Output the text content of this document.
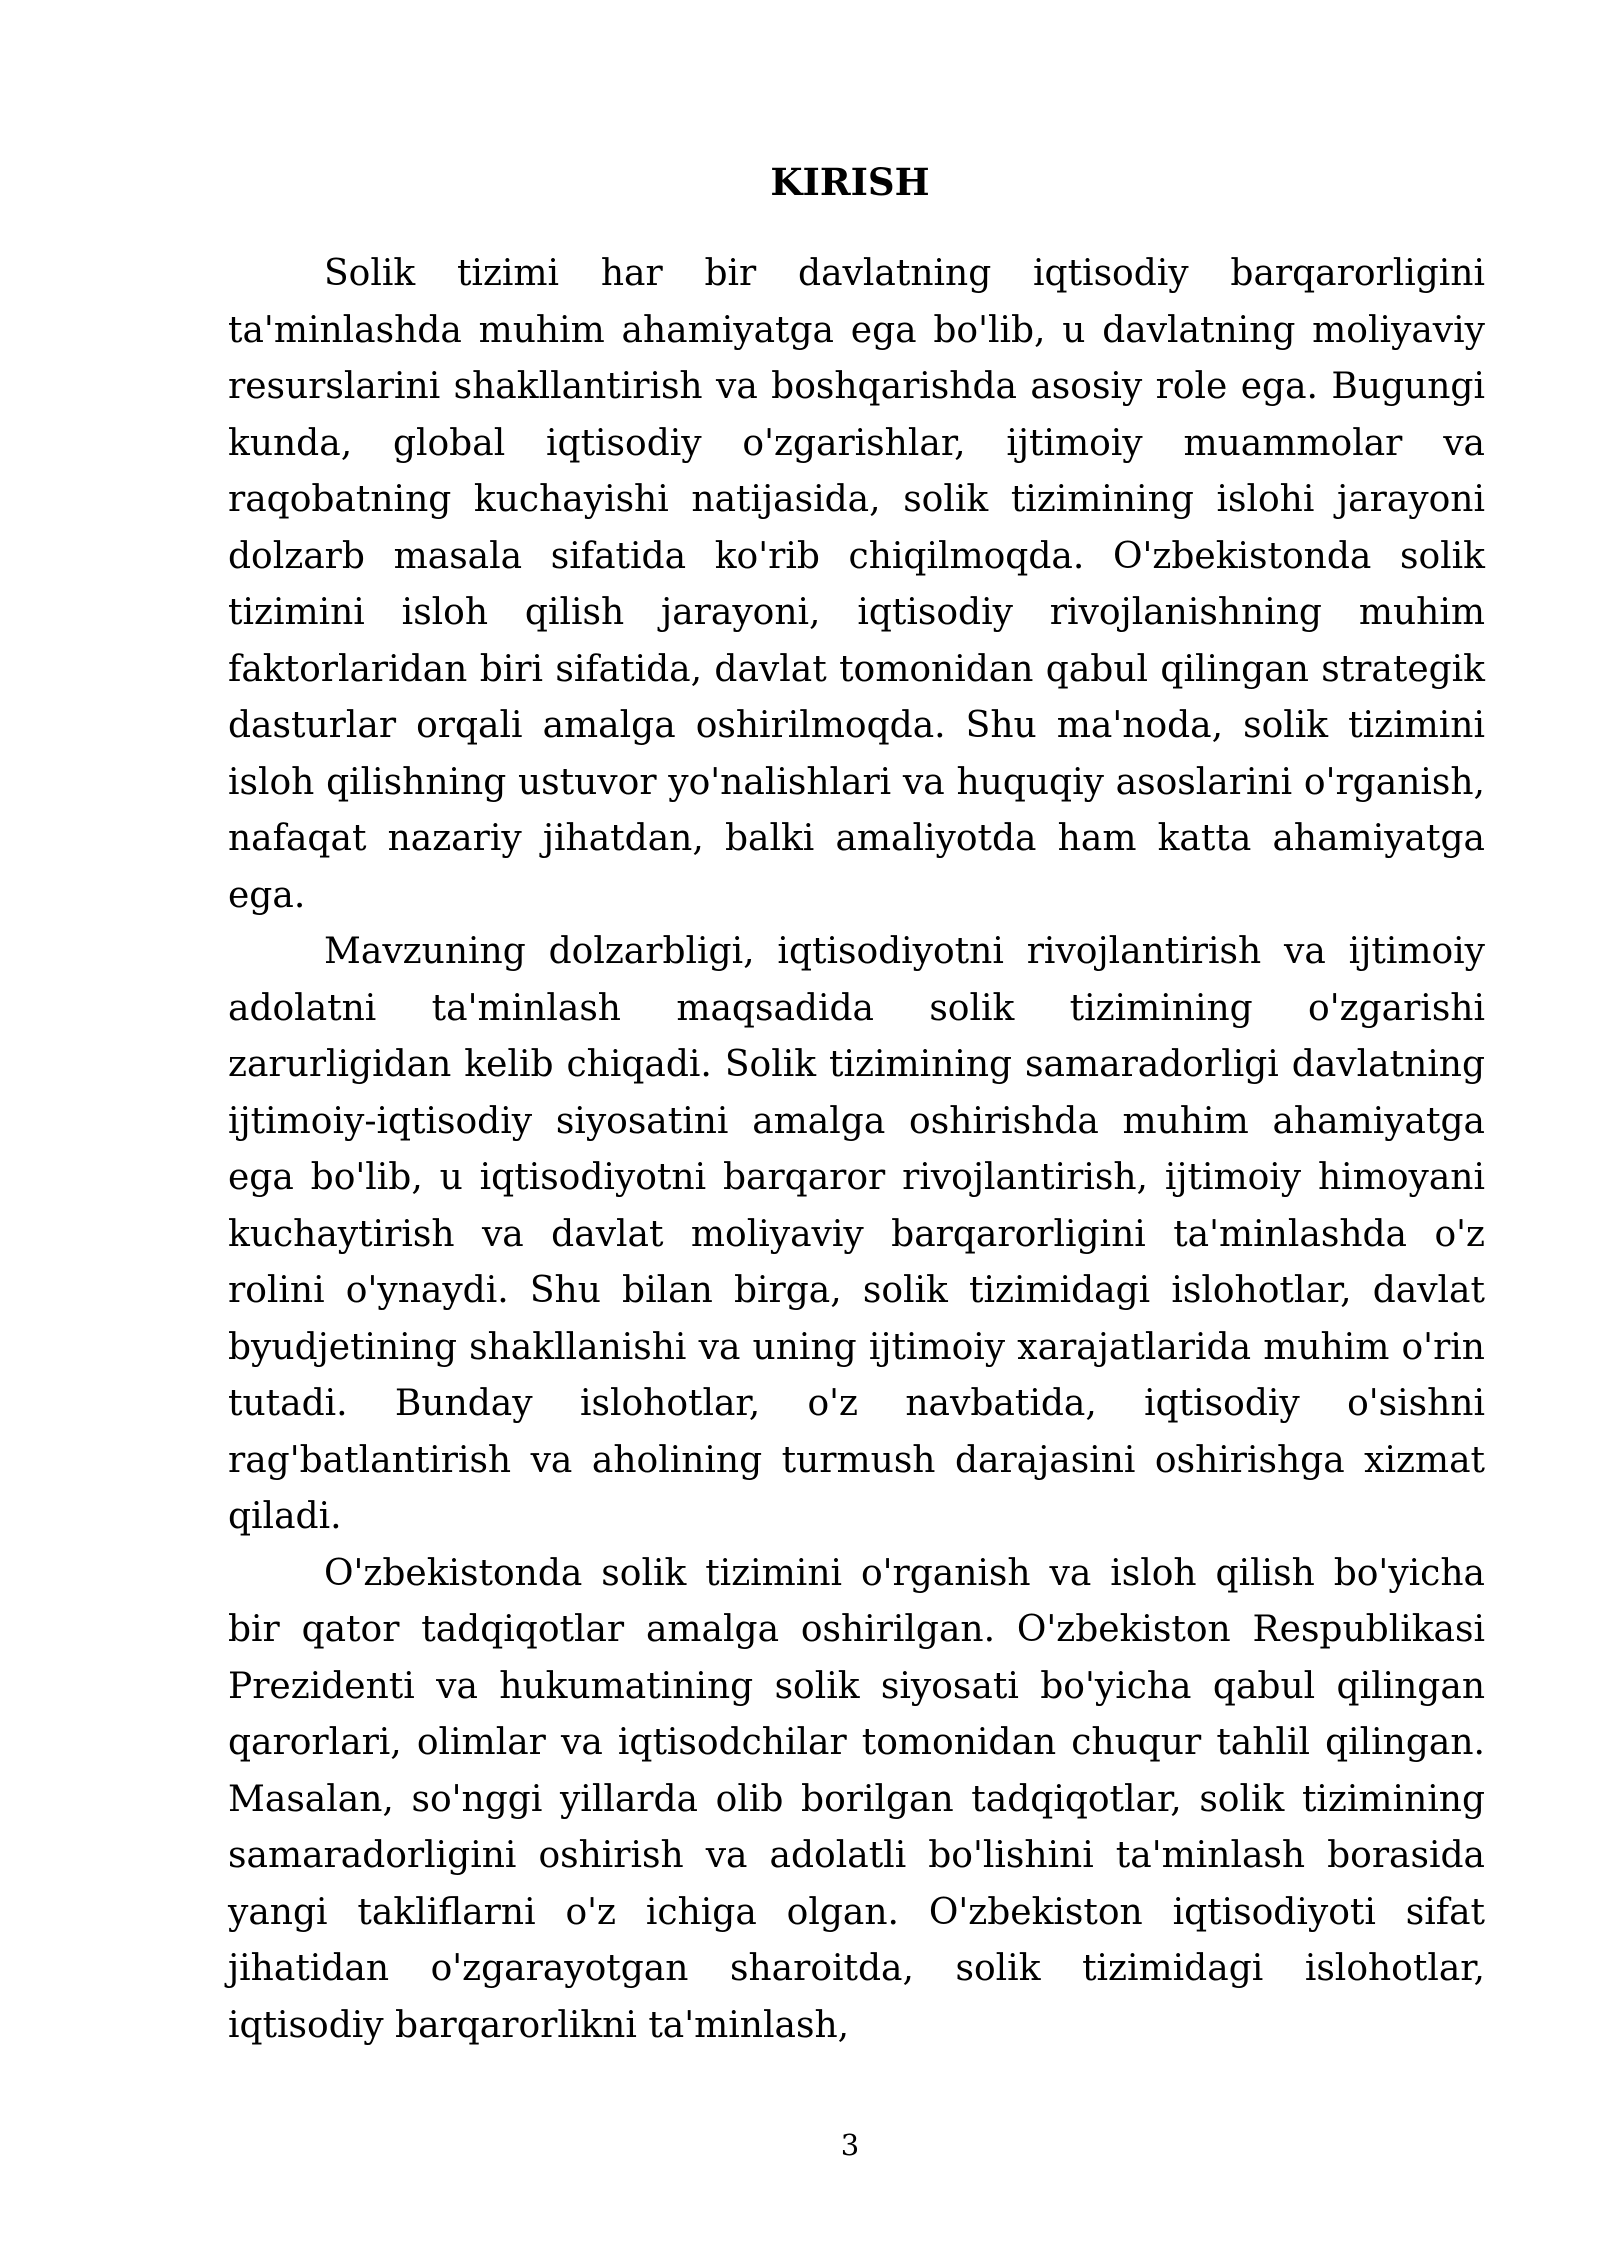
KIRISH

Solik tizimi har bir davlatning iqtisodiy barqarorligini ta'minlashda muhim ahamiyatga ega bo'lib, u davlatning moliyaviy resurslarini shakllantirish va boshqarishda asosiy role ega. Bugungi kunda, global iqtisodiy o'zgarishlar, ijtimoiy muammolar va raqobatning kuchayishi natijasida, solik tizimining islohi jarayoni dolzarb masala sifatida ko'rib chiqilmoqda. O'zbekistonda solik tizimini isloh qilish jarayoni, iqtisodiy rivojlanishning muhim faktorlaridan biri sifatida, davlat tomonidan qabul qilingan strategik dasturlar orqali amalga oshirilmoqda. Shu ma'noda, solik tizimini isloh qilishning ustuvor yo'nalishlari va huquqiy asoslarini o'rganish, nafaqat nazariy jihatdan, balki amaliyotda ham katta ahamiyatga ega.

Mavzuning dolzarbligi, iqtisodiyotni rivojlantirish va ijtimoiy adolatni ta'minlash maqsadida solik tizimining o'zgarishi zarurligidan kelib chiqadi. Solik tizimining samaradorligi davlatning ijtimoiy-iqtisodiy siyosatini amalga oshirishda muhim ahamiyatga ega bo'lib, u iqtisodiyotni barqaror rivojlantirish, ijtimoiy himoyani kuchaytirish va davlat moliyaviy barqarorligini ta'minlashda o'z rolini o'ynaydi. Shu bilan birga, solik tizimidagi islohotlar, davlat byudjetining shakllanishi va uning ijtimoiy xarajatlarida muhim o'rin tutadi. Bunday islohotlar, o'z navbatida, iqtisodiy o'sishni rag'batlantirish va aholining turmush darajasini oshirishga xizmat qiladi.

O'zbekistonda solik tizimini o'rganish va isloh qilish bo'yicha bir qator tadqiqotlar amalga oshirilgan. O'zbekiston Respublikasi Prezidenti va hukumatining solik siyosati bo'yicha qabul qilingan qarorlari, olimlar va iqtisodchilar tomonidan chuqur tahlil qilingan. Masalan, so'nggi yillarda olib borilgan tadqiqotlar, solik tizimining samaradorligini oshirish va adolatli bo'lishini ta'minlash borasida yangi takliflarni o'z ichiga olgan. O'zbekiston iqtisodiyoti sifat jihatidan o'zgarayotgan sharoitda, solik tizimidagi islohotlar, iqtisodiy barqarorlikni ta'minlash,

3
